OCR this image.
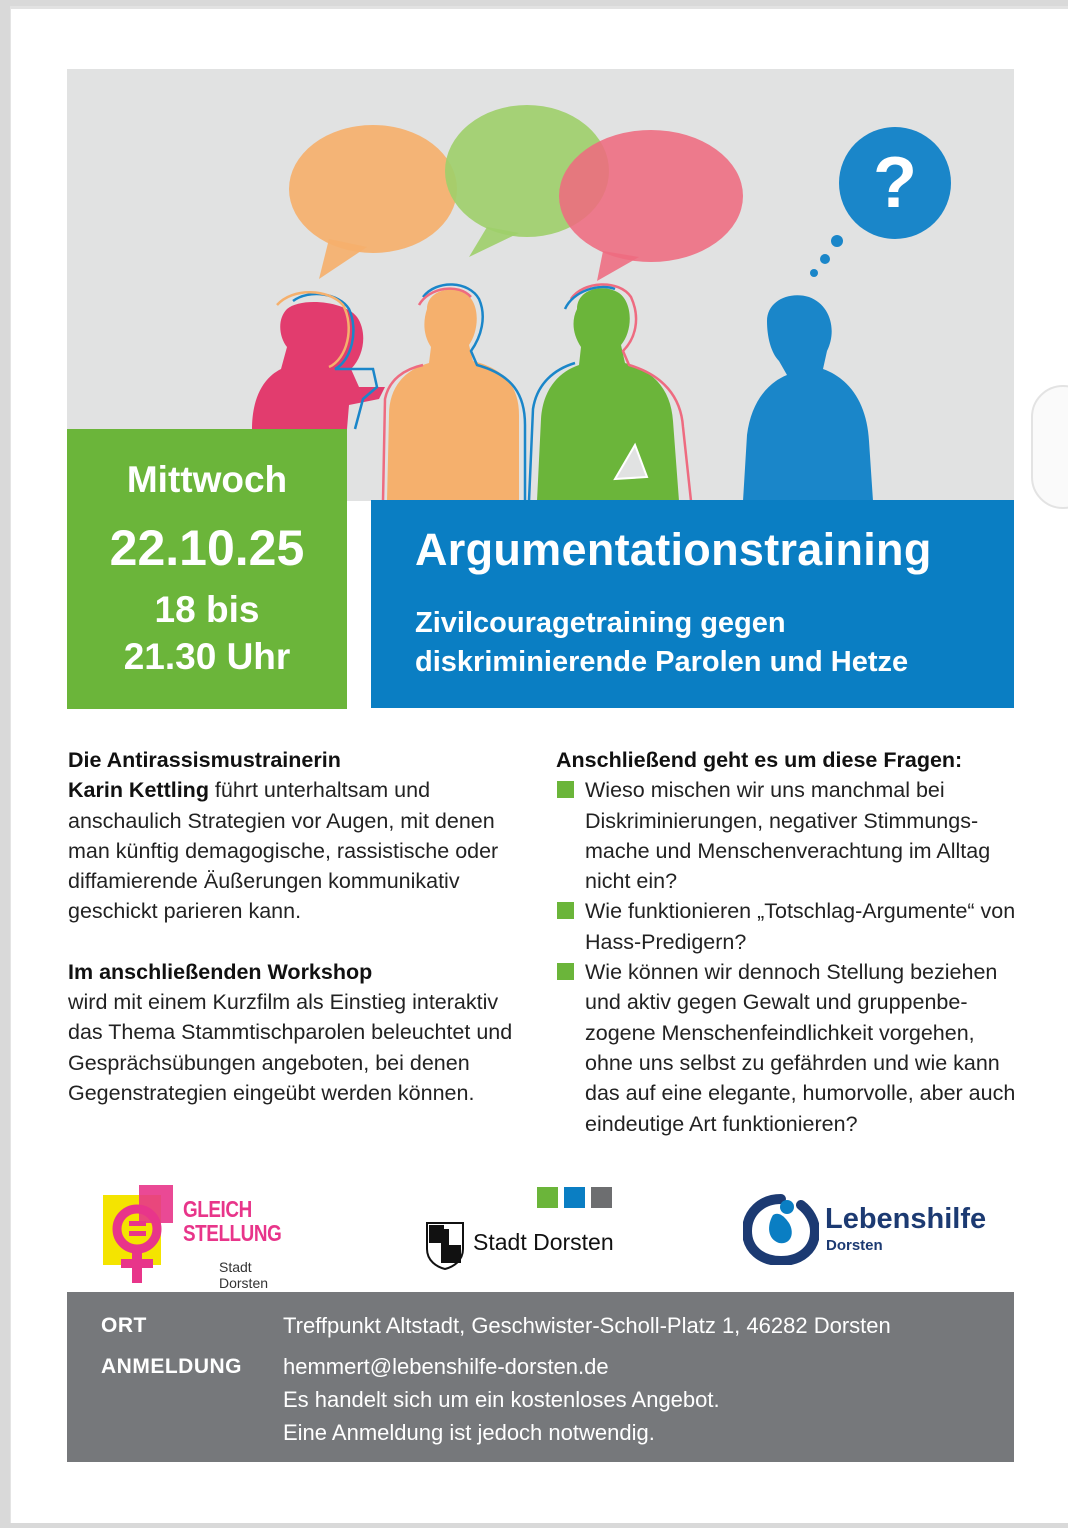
?
Mittwoch
22.10.25
18 bis
21.30 Uhr
Argumentationstraining
Zivilcouragetraining gegen diskriminierende Parolen und Hetze

Die Antirassismustrainerin

Karin Kettling führt unterhaltsam und anschaulich Strategien vor Augen, mit denen man künftig demagogische, rassistische oder diffamierende Äußerungen kommunikativ geschickt parieren kann.

Im anschließenden Workshop

wird mit einem Kurzfilm als Einstieg interaktiv das Thema Stammtischparolen beleuchtet und Gesprächsübungen angeboten, bei denen Gegenstrategien eingeübt werden können.

Anschließend geht es um diese Fragen:

Wieso mischen wir uns manchmal bei Diskriminierungen, negativer Stimmungs-mache und Menschenverachtung im Alltag nicht ein?
Wie funktionieren „Totschlag-Argumente“ von Hass-Predigern?
Wie können wir dennoch Stellung beziehen und aktiv gegen Gewalt und gruppenbe-zogene Menschenfeindlichkeit vorgehen, ohne uns selbst zu gefährden und wie kann das auf eine elegante, humorvolle, aber auch eindeutige Art funktionieren?
GLEICH
STELLUNG
Stadt Dorsten
Stadt Dorsten
Lebenshilfe
Dorsten
ORT	Treffpunkt Altstadt, Geschwister-Scholl-Platz 1, 46282 Dorsten
ANMELDUNG hemmert@lebenshilfe-dorsten.de
Es handelt sich um ein kostenloses Angebot.
Eine Anmeldung ist jedoch notwendig.
